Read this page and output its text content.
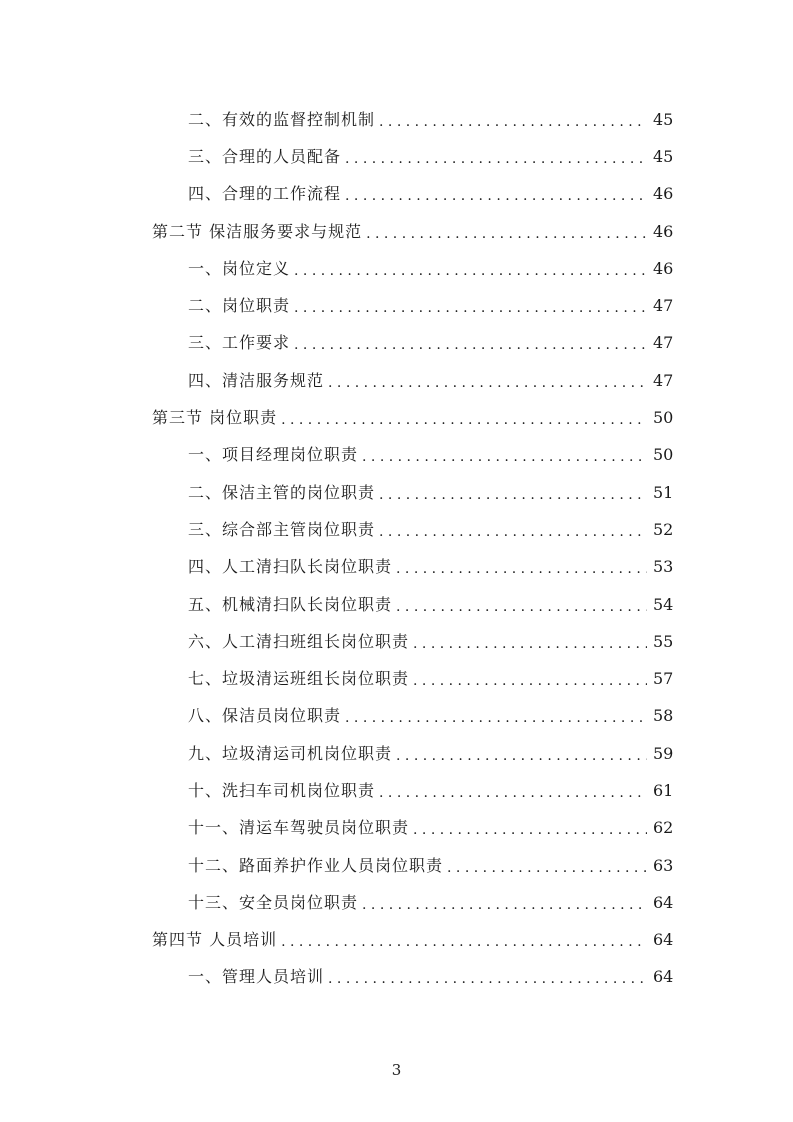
二、有效的监督控制机制 . . .	45
三、合理的人员配备 . . .	45
四、合理的工作流程 . . .	46
第二节 保洁服务要求与规范 . . .	46
一、岗位定义 . . .	46
二、岗位职责 . . .	47
三、工作要求 . . .	47
四、清洁服务规范 . . .	47
第三节 岗位职责 . . .	50
一、项目经理岗位职责 . . .	50
二、保洁主管的岗位职责 . . .	51
三、综合部主管岗位职责 . . .	52
四、人工清扫队长岗位职责 . . .	53
五、机械清扫队长岗位职责 . . .	54
六、人工清扫班组长岗位职责 . . .	55
七、垃圾清运班组长岗位职责 . . .	57
八、保洁员岗位职责 . . .	58
九、垃圾清运司机岗位职责 . . .	59
十、洗扫车司机岗位职责 . . .	61
十一、清运车驾驶员岗位职责 . . .	62
十二、路面养护作业人员岗位职责 . . .	63
十三、安全员岗位职责 . . .	64
第四节 人员培训 . . .	64
一、管理人员培训 . . .	64
3
